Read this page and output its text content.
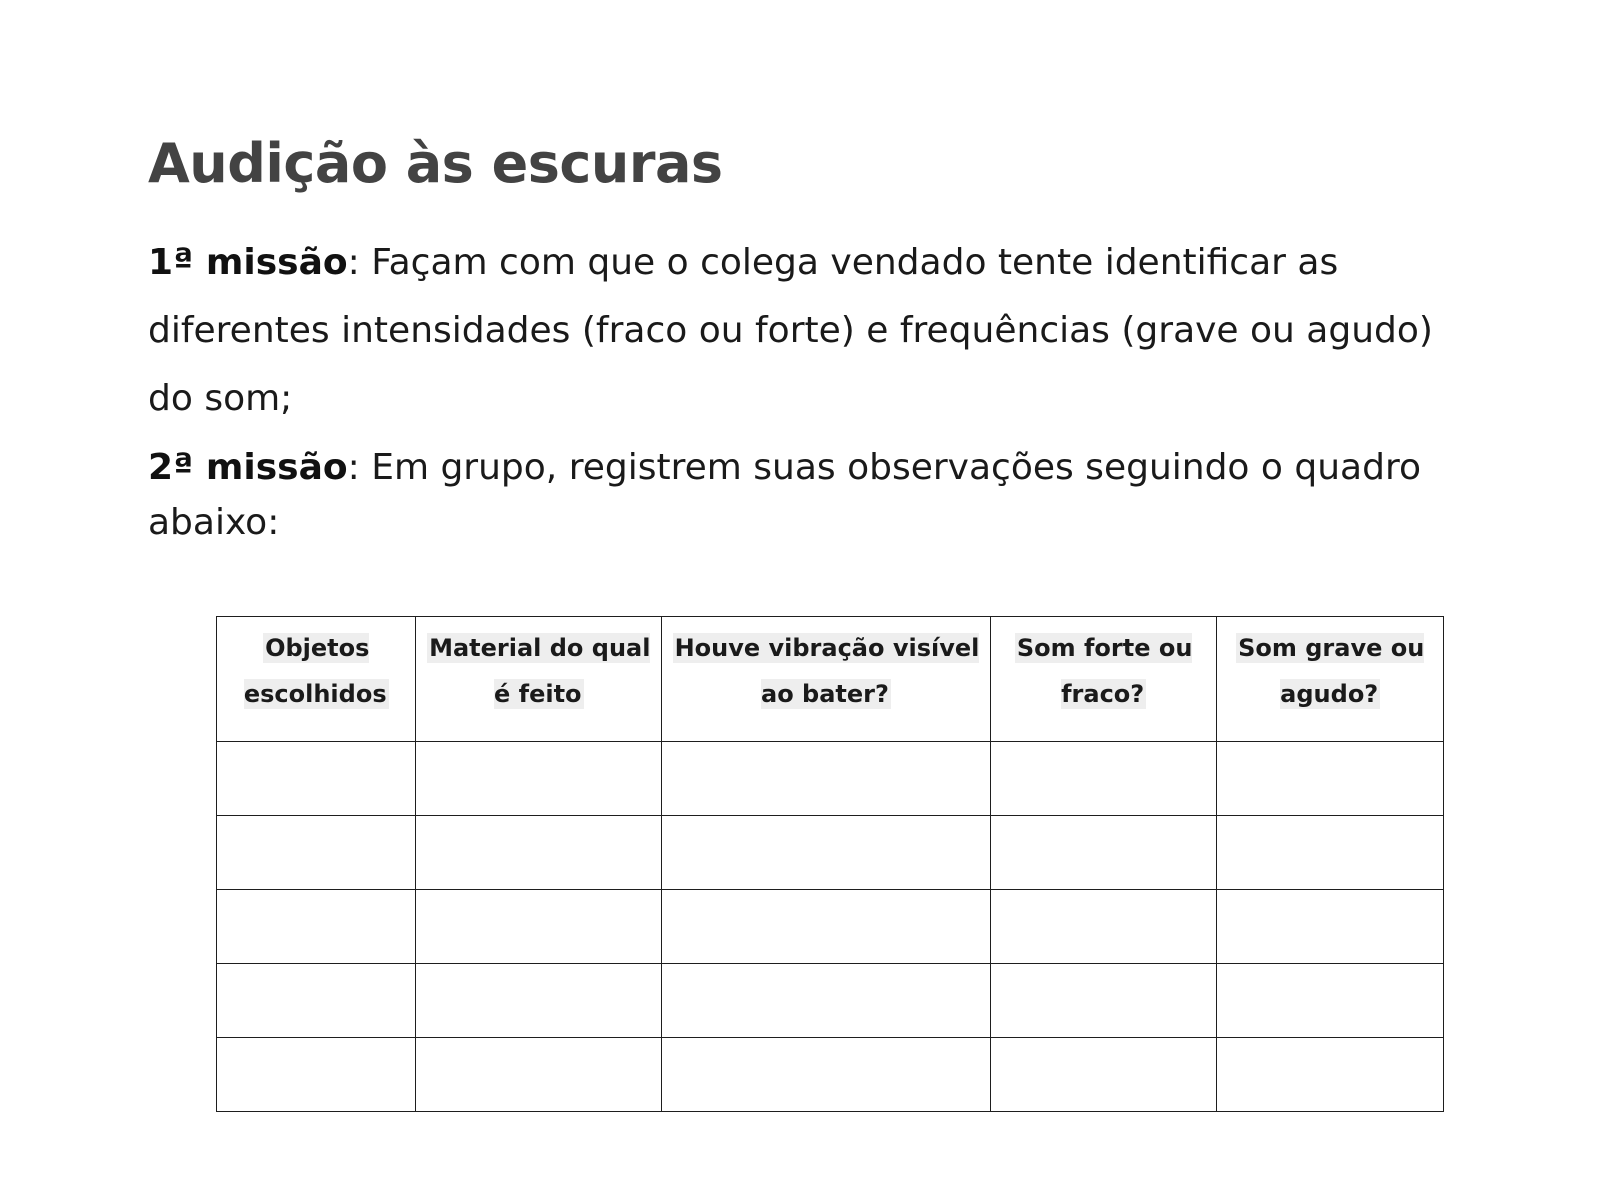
Audição às escuras

1ª missão: Façam com que o colega vendado tente identificar as diferentes intensidades (fraco ou forte) e frequências (grave ou agudo) do som;

2ª missão: Em grupo, registrem suas observações seguindo o quadro abaixo:

Objetos escolhidos	Material do qual é feito	Houve vibração visível ao bater?	Som forte ou fraco?	Som grave ou agudo?
